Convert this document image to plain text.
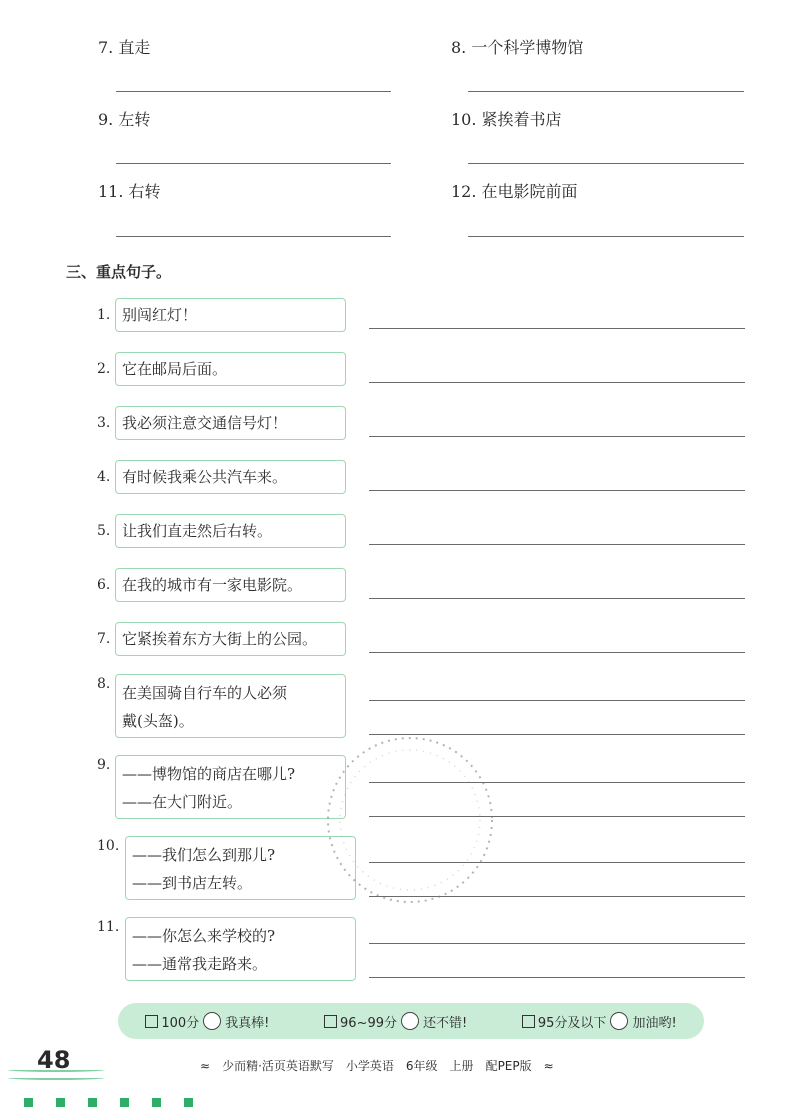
7. 直走	8. 一个科学博物馆
9. 左转	10. 紧挨着书店
11. 右转	12. 在电影院前面
三、重点句子。
1. 别闯红灯！
2. 它在邮局后面。
3. 我必须注意交通信号灯！
4. 有时候我乘公共汽车来。
5. 让我们直走然后右转。
6. 在我的城市有一家电影院。
7. 它紧挨着东方大街上的公园。
8. 在美国骑自行车的人必须
戴(头盔)。
9. ——博物馆的商店在哪儿?
——在大门附近。
10. ——我们怎么到那儿?
——到书店左转。
11. ——你怎么来学校的?
——通常我走路来。
100分 我真棒!	96~99分 还不错!	95分及以下 加油哟!
48	≈ 少而精·活页英语默写 小学英语 6年级 上册 配PEP版 ≈
